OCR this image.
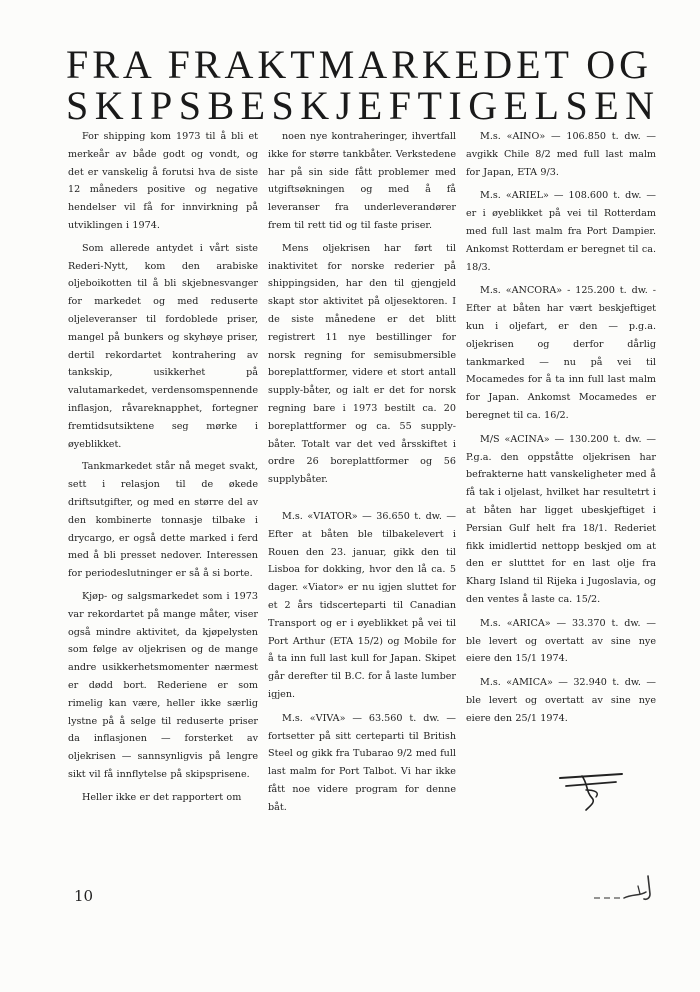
FRA FRAKTMARKEDET OG
SKIPSBESKJEFTIGELSEN

For shipping kom 1973 til å bli et merkeår av både godt og vondt, og det er vanskelig å forutsi hva de siste 12 måneders positive og negative hendelser vil få for innvirkning på utviklingen i 1974.

Som allerede antydet i vårt siste Rederi-Nytt, kom den arabiske oljeboikotten til å bli skjebnesvanger for markedet og med reduserte oljeleveranser til fordoblede priser, mangel på bunkers og skyhøye priser, dertil rekordartet kontrahering av tankskip, usikkerhet på valutamarkedet, verdensomspennende inflasjon, råvareknapphet, fortegner fremtidsutsiktene seg mørke i øyeblikket.

Tankmarkedet står nå meget svakt, sett i relasjon til de økede driftsutgifter, og med en større del av den kombinerte tonnasje tilbake i drycargo, er også dette marked i ferd med å bli presset nedover. Interessen for periodeslutninger er så å si borte.

Kjøp- og salgsmarkedet som i 1973 var rekordartet på mange måter, viser også mindre aktivitet, da kjøpelysten som følge av oljekrisen og de mange andre usikkerhetsmomenter nærmest er dødd bort. Rederiene er som rimelig kan være, heller ikke særlig lystne på å selge til reduserte priser da inflasjonen — forsterket av oljekrisen — sannsynligvis på lengre sikt vil få innflytelse på skipsprisene.

Heller ikke er det rapportert om

noen nye kontraheringer, ihvertfall ikke for større tankbåter. Verkstedene har på sin side fått problemer med utgiftsøkningen og med å få leveranser fra underleverandører frem til rett tid og til faste priser.

Mens oljekrisen har ført til inaktivitet for norske rederier på shippingsiden, har den til gjengjeld skapt stor aktivitet på oljesektoren. I de siste månedene er det blitt registrert 11 nye bestillinger for norsk regning for semisubmersible boreplattformer, videre et stort antall supply-båter, og ialt er det for norsk regning bare i 1973 bestilt ca. 20 boreplattformer og ca. 55 supply-båter. Totalt var det ved årsskiftet i ordre 26 boreplattformer og 56 supplybåter.

M.s. «VIATOR» — 36.650 t. dw. — Efter at båten ble tilbakelevert i Rouen den 23. januar, gikk den til Lisboa for dokking, hvor den lå ca. 5 dager. «Viator» er nu igjen sluttet for et 2 års tidscerteparti til Canadian Transport og er i øyeblikket på vei til Port Arthur (ETA 15/2) og Mobile for å ta inn full last kull for Japan. Skipet går derefter til B.C. for å laste lumber igjen.

M.s. «VIVA» — 63.560 t. dw. — fortsetter på sitt certeparti til British Steel og gikk fra Tubarao 9/2 med full last malm for Port Talbot. Vi har ikke fått noe videre program for denne båt.

M.s. «AINO» — 106.850 t. dw. — avgikk Chile 8/2 med full last malm for Japan, ETA 9/3.

M.s. «ARIEL» — 108.600 t. dw. — er i øyeblikket på vei til Rotterdam med full last malm fra Port Dampier. Ankomst Rotterdam er beregnet til ca. 18/3.

M.s. «ANCORA» - 125.200 t. dw. - Efter at båten har vært beskjeftiget kun i oljefart, er den — p.g.a. oljekrisen og derfor dårlig tankmarked — nu på vei til Mocamedes for å ta inn full last malm for Japan. Ankomst Mocamedes er beregnet til ca. 16/2.

M/S «ACINA» — 130.200 t. dw. — P.g.a. den oppståtte oljekrisen har befrakterne hatt vanskeligheter med å få tak i oljelast, hvilket har resultetrt i at båten har ligget ubeskjeftiget i Persian Gulf helt fra 18/1. Rederiet fikk imidlertid nettopp beskjed om at den er slutttet for en last olje fra Kharg Island til Rijeka i Jugoslavia, og den ventes å laste ca. 15/2.

M.s. «ARICA» — 33.370 t. dw. — ble levert og overtatt av sine nye eiere den 15/1 1974.

M.s. «AMICA» — 32.940 t. dw. — ble levert og overtatt av sine nye eiere den 25/1 1974.

10
